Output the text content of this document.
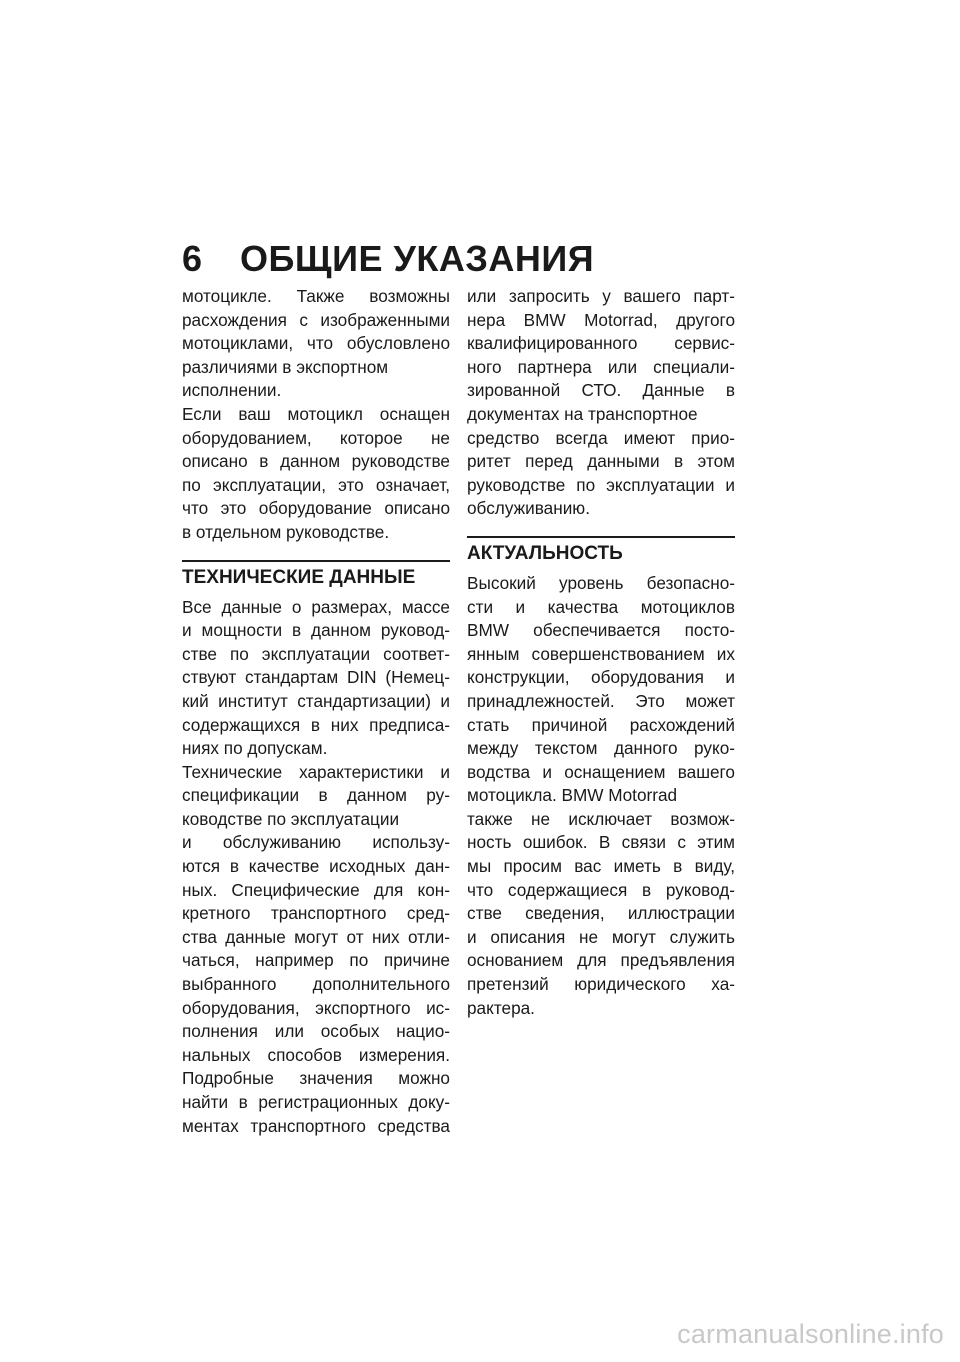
6 ОБЩИЕ УКАЗАНИЯ
мотоцикле. Также возможны
расхождения с изображенными
мотоциклами, что обусловлено
различиями в экспортном
исполнении.
Если ваш мотоцикл оснащен
оборудованием, которое не
описано в данном руководстве
по эксплуатации, это означает,
что это оборудование описано
в отдельном руководстве.
ТЕХНИЧЕСКИЕ ДАННЫЕ
Все данные о размерах, массе
и мощности в данном руковод-
стве по эксплуатации соответ-
ствуют стандартам DIN (Немец-
кий институт стандартизации) и
содержащихся в них предписа-
ниях по допускам.
Технические характеристики и
спецификации в данном ру-
ководстве по эксплуатации
и обслуживанию использу-
ются в качестве исходных дан-
ных. Специфические для кон-
кретного транспортного сред-
ства данные могут от них отли-
чаться, например по причине
выбранного дополнительного
оборудования, экспортного ис-
полнения или особых нацио-
нальных способов измерения.
Подробные значения можно
найти в регистрационных доку-
ментах транспортного средства
или запросить у вашего парт-
нера BMW Motorrad, другого
квалифицированного сервис-
ного партнера или специали-
зированной СТО. Данные в
документах на транспортное
средство всегда имеют прио-
ритет перед данными в этом
руководстве по эксплуатации и
обслуживанию.
АКТУАЛЬНОСТЬ
Высокий уровень безопасно-
сти и качества мотоциклов
BMW обеспечивается посто-
янным совершенствованием их
конструкции, оборудования и
принадлежностей. Это может
стать причиной расхождений
между текстом данного руко-
водства и оснащением вашего
мотоцикла. BMW Motorrad
также не исключает возмож-
ность ошибок. В связи с этим
мы просим вас иметь в виду,
что содержащиеся в руковод-
стве сведения, иллюстрации
и описания не могут служить
основанием для предъявления
претензий юридического ха-
рактера.
carmanualsonline.info
